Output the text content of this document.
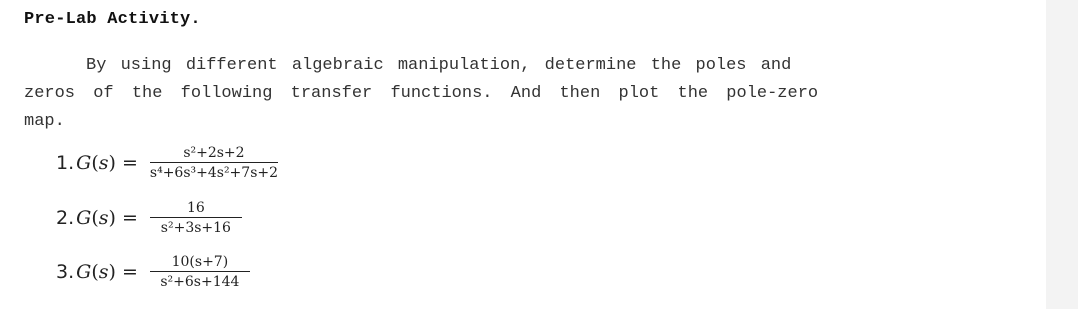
Pre-Lab Activity.
By using different algebraic manipulation, determine the poles and
zeros of the following transfer functions. And then plot the pole-zero
map.
1. $G(s) = \frac{\text{s²+2s+2}}{\text{s⁴+6s³+4s²+7s+2}}$
2. $G(s) = \frac{16}{\text{s²+3s+16}}$
3. $G(s) = \frac{10(s+7)}{\text{s²+6s+144}}$
